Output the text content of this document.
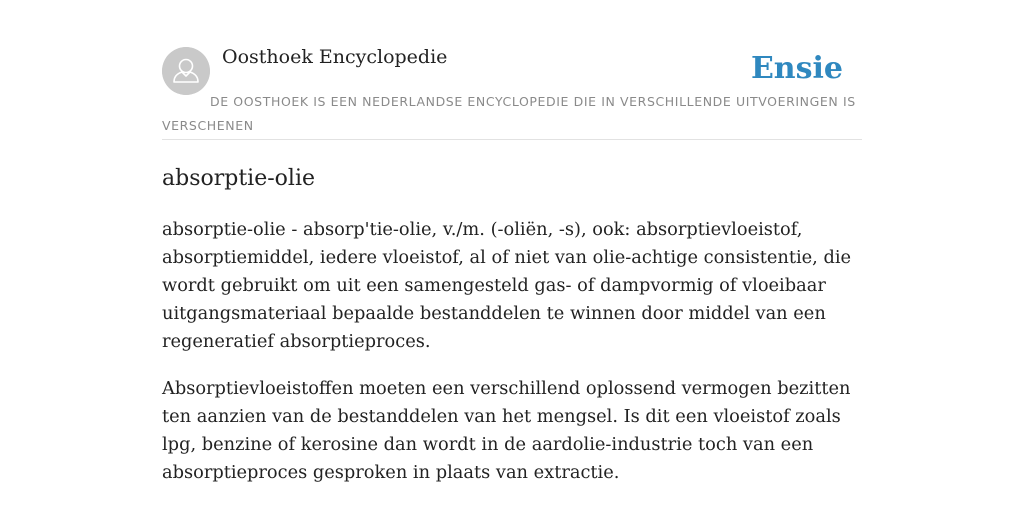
Oosthoek Encyclopedie	Ensie
DE OOSTHOEK IS EEN NEDERLANDSE ENCYCLOPEDIE DIE IN VERSCHILLENDE UITVOERINGEN IS VERSCHENEN
absorptie-olie

absorptie-olie - absorp'tie-olie, v./m. (-oliën, -s), ook: absorptievloeistof, absorptiemiddel, iedere vloeistof, al of niet van olie-achtige consistentie, die wordt gebruikt om uit een samengesteld gas- of dampvormig of vloeibaar uitgangsmateriaal bepaalde bestanddelen te winnen door middel van een regeneratief absorptieproces.

Absorptievloeistoffen moeten een verschillend oplossend vermogen bezitten ten aanzien van de bestanddelen van het mengsel. Is dit een vloeistof zoals lpg, benzine of kerosine dan wordt in de aardolie-industrie toch van een absorptieproces gesproken in plaats van extractie.
